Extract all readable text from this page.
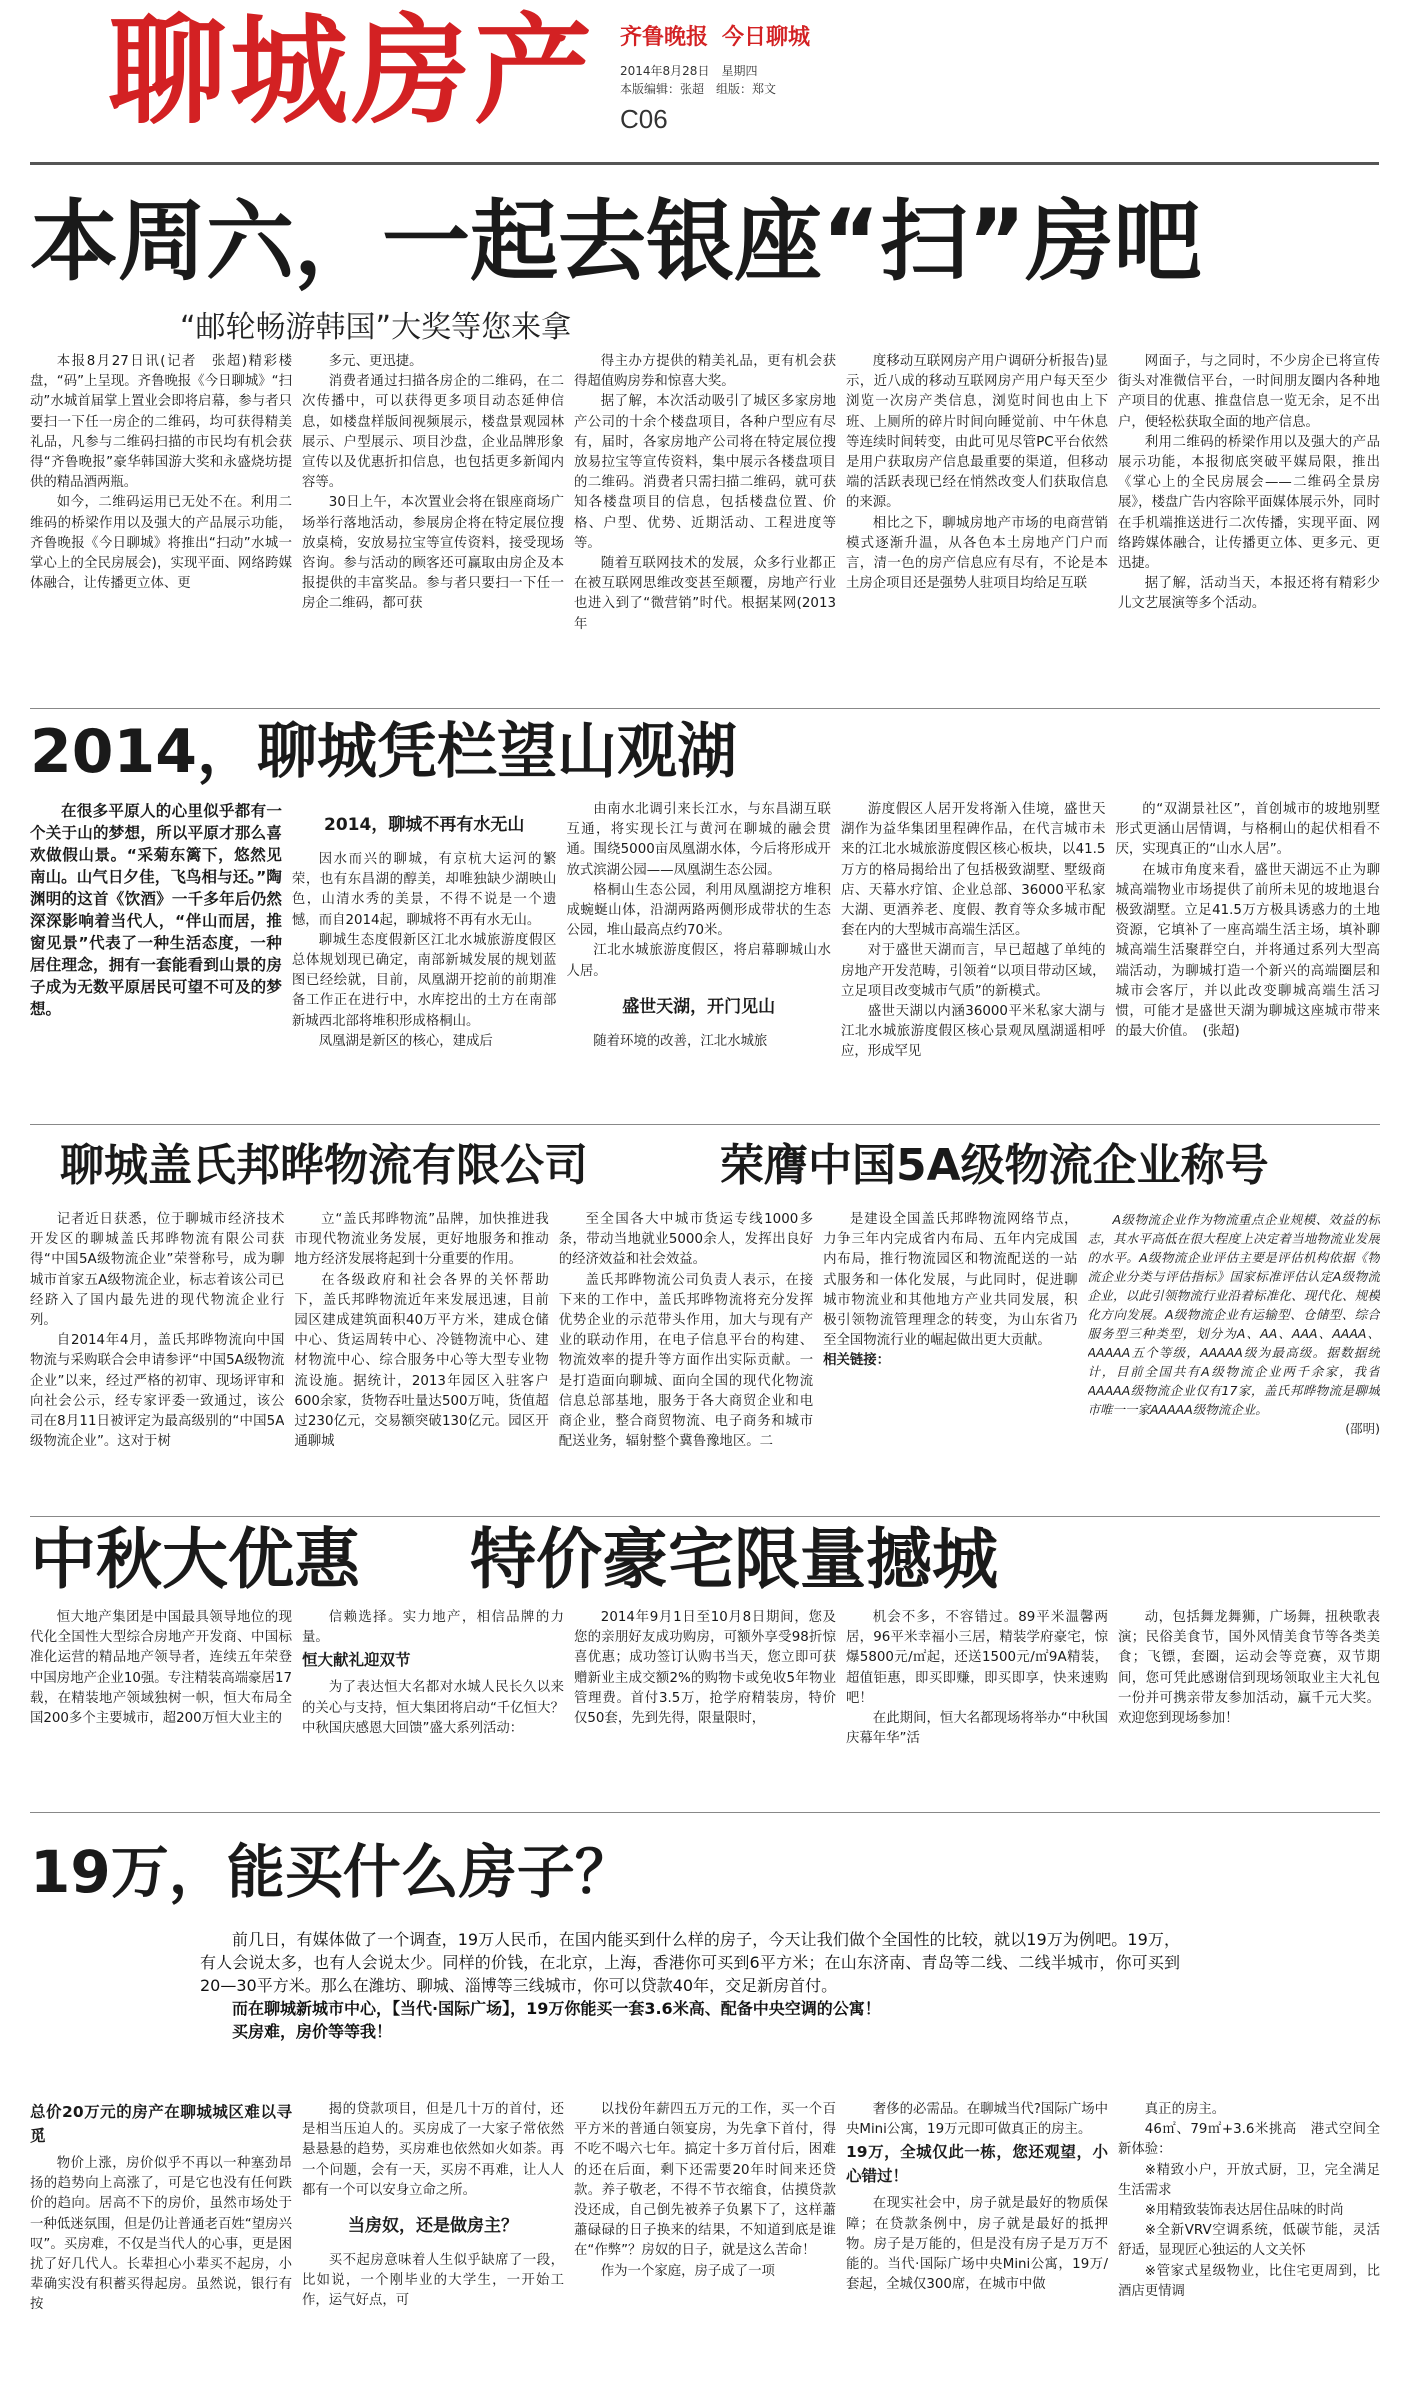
聊城房产 齐鲁晚报 今日聊城
2014年8月28日　星期四
本版编辑：张超　组版：郑文
C06
本周六，一起去银座“扫”房吧
“邮轮畅游韩国”大奖等您来拿

本报8月27日讯(记者　张超)精彩楼盘，“码”上呈现。齐鲁晚报《今日聊城》“扫动”水城首届掌上置业会即将启幕，参与者只要扫一下任一房企的二维码，均可获得精美礼品，凡参与二维码扫描的市民均有机会获得“齐鲁晚报”豪华韩国游大奖和永盛烧坊提供的精品酒两瓶。

如今，二维码运用已无处不在。利用二维码的桥梁作用以及强大的产品展示功能，齐鲁晚报《今日聊城》将推出“扫动”水城一掌心上的全民房展会)，实现平面、网络跨媒体融合，让传播更立体、更

多元、更迅捷。

消费者通过扫描各房企的二维码，在二次传播中，可以获得更多项目动态延伸信息，如楼盘样版间视频展示，楼盘景观园林展示、户型展示、项目沙盘，企业品牌形象宣传以及优惠折扣信息，也包括更多新闻内容等。

30日上午，本次置业会将在银座商场广场举行落地活动，参展房企将在特定展位搜放桌椅，安放易拉宝等宣传资料，接受现场咨询。参与活动的顾客还可赢取由房企及本报提供的丰富奖品。参与者只要扫一下任一房企二维码，都可获

得主办方提供的精美礼品，更有机会获得超值购房券和惊喜大奖。

据了解，本次活动吸引了城区多家房地产公司的十余个楼盘项目，各种户型应有尽有，届时，各家房地产公司将在特定展位搜放易拉宝等宣传资料，集中展示各楼盘项目的二维码。消费者只需扫描二维码，就可获知各楼盘项目的信息，包括楼盘位置、价格、户型、优势、近期活动、工程进度等等。

随着互联网技术的发展，众多行业都正在被互联网思维改变甚至颠覆，房地产行业也进入到了“微营销”时代。根据某网(2013年

度移动互联网房产用户调研分析报告)显示，近八成的移动互联网房产用户每天至少浏览一次房产类信息，浏览时间也由上下班、上厕所的碎片时间向睡觉前、中午休息等连续时间转变，由此可见尽管PC平台依然是用户获取房产信息最重要的渠道，但移动端的活跃表现已经在悄然改变人们获取信息的来源。

相比之下，聊城房地产市场的电商营销模式逐渐升温，从各色本土房地产门户而言，清一色的房产信息应有尽有，不论是本土房企项目还是强势人驻项目均给足互联

网面子，与之同时，不少房企已将宣传街头对准微信平台，一时间朋友圈内各种地产项目的优惠、推盘信息一览无余，足不出户，便轻松获取全面的地产信息。

利用二维码的桥梁作用以及强大的产品展示功能，本报彻底突破平媒局限，推出《掌心上的全民房展会——二维码全景房展》，楼盘广告内容除平面媒体展示外，同时在手机端推送进行二次传播，实现平面、网络跨媒体融合，让传播更立体、更多元、更迅捷。

据了解，活动当天，本报还将有精彩少儿文艺展演等多个活动。

2014，聊城凭栏望山观湖

在很多平原人的心里似乎都有一个关于山的梦想，所以平原才那么喜欢做假山景。“采菊东篱下，悠然见南山。山气日夕佳，飞鸟相与还。”陶渊明的这首《饮酒》一千多年后仍然深深影响着当代人，“伴山而居，推窗见景”代表了一种生活态度，一种居住理念，拥有一套能看到山景的房子成为无数平原居民可望不可及的梦想。

2014，聊城不再有水无山

因水而兴的聊城，有京杭大运河的繁荣，也有东昌湖的醇美，却唯独缺少湖映山色，山清水秀的美景，不得不说是一个遗憾，而自2014起，聊城将不再有水无山。

聊城生态度假新区江北水城旅游度假区总体规划现已确定，南部新城发展的规划蓝图已经绘就，目前，凤凰湖开挖前的前期准备工作正在进行中，水库挖出的土方在南部新城西北部将堆积形成格桐山。

凤凰湖是新区的核心，建成后

由南水北调引来长江水，与东昌湖互联互通，将实现长江与黄河在聊城的融会贯通。围绕5000亩凤凰湖水体，今后将形成开放式滨湖公园——凤凰湖生态公园。

格桐山生态公园，利用凤凰湖挖方堆积成蜿蜒山体，沿湖两路两侧形成带状的生态公园，堆山最高点约70米。

江北水城旅游度假区，将启幕聊城山水人居。

盛世天湖，开门见山

随着环境的改善，江北水城旅

游度假区人居开发将渐入佳境，盛世天湖作为益华集团里程碑作品，在代言城市未来的江北水城旅游度假区核心板块，以41.5万方的格局揭给出了包括极致湖墅、墅级商店、天幕水疗馆、企业总部、36000平私家大湖、更酒养老、度假、教育等众多城市配套在内的大型城市高端生活区。

对于盛世天湖而言，早已超越了单纯的房地产开发范畴，引领着“以项目带动区域，立足项目改变城市气质”的新模式。

盛世天湖以内涵36000平米私家大湖与江北水城旅游度假区核心景观凤凰湖遥相呼应，形成罕见

的“双湖景社区”，首创城市的坡地别墅形式更涵山居情调，与格桐山的起伏相看不厌，实现真正的“山水人居”。

在城市角度来看，盛世天湖远不止为聊城高端物业市场提供了前所未见的坡地退台极致湖墅。立足41.5万方极具诱惑力的土地资源，它填补了一座高端生活主场，填补聊城高端生活聚群空白，并将通过系列大型高端活动，为聊城打造一个新兴的高端圈层和城市会客厅，并以此改变聊城高端生活习惯，可能才是盛世天湖为聊城这座城市带来的最大价值。　(张超)

聊城盖氏邦晔物流有限公司	荣膺中国5A级物流企业称号

记者近日获悉，位于聊城市经济技术开发区的聊城盖氏邦晔物流有限公司获得“中国5A级物流企业”荣誉称号，成为聊城市首家五A级物流企业，标志着该公司已经跻入了国内最先进的现代物流企业行列。

自2014年4月，盖氏邦晔物流向中国物流与采购联合会申请参评“中国5A级物流企业”以来，经过严格的初审、现场评审和向社会公示，经专家评委一致通过，该公司在8月11日被评定为最高级别的“中国5A级物流企业”。这对于树

立“盖氏邦晔物流”品牌，加快推进我市现代物流业务发展，更好地服务和推动地方经济发展将起到十分重要的作用。

在各级政府和社会各界的关怀帮助下，盖氏邦晔物流近年来发展迅速，目前园区建成建筑面积40万平方米，建成仓储中心、货运周转中心、冷链物流中心、建材物流中心、综合服务中心等大型专业物流设施。据统计，2013年园区入驻客户600余家，货物吞吐量达500万吨，货值超过230亿元，交易额突破130亿元。园区开通聊城

至全国各大中城市货运专线1000多条，带动当地就业5000余人，发挥出良好的经济效益和社会效益。

盖氏邦晔物流公司负责人表示，在接下来的工作中，盖氏邦晔物流将充分发挥优势企业的示范带头作用，加大与现有产业的联动作用，在电子信息平台的构建、物流效率的提升等方面作出实际贡献。一是打造面向聊城、面向全国的现代化物流信息总部基地，服务于各大商贸企业和电商企业，整合商贸物流、电子商务和城市配送业务，辐射整个冀鲁豫地区。二

是建设全国盖氏邦晔物流网络节点，力争三年内完成省内布局、五年内完成国内布局，推行物流园区和物流配送的一站式服务和一体化发展，与此同时，促进聊城市物流业和其他地方产业共同发展，积极引领物流管理理念的转变，为山东省乃至全国物流行业的崛起做出更大贡献。

相关链接：

A级物流企业作为物流重点企业规模、效益的标志，其水平高低在很大程度上决定着当地物流业发展的水平。A级物流企业评估主要是评估机构依据《物流企业分类与评估指标》国家标准评估认定A级物流企业，以此引领物流行业沿着标准化、现代化、规模化方向发展。A级物流企业有运输型、仓储型、综合服务型三种类型，划分为A、AA、AAA、AAAA、AAAAA五个等级，AAAAA级为最高级。据数据统计，目前全国共有A级物流企业两千余家，我省AAAAA级物流企业仅有17家，盖氏邦晔物流是聊城市唯一一家AAAAA级物流企业。

(邵明)
中秋大优惠 特价豪宅限量撼城

恒大地产集团是中国最具领导地位的现代化全国性大型综合房地产开发商、中国标准化运营的精品地产领导者，连续五年荣登中国房地产企业10强。专注精装高端豪居17载，在精装地产领域独树一帜，恒大布局全国200多个主要城市，超200万恒大业主的

信赖选择。实力地产，相信品牌的力量。

恒大献礼迎双节

为了表达恒大名都对水城人民长久以来的关心与支持，恒大集团将启动“千亿恒大？中秋国庆感恩大回馈”盛大系列活动：

2014年9月1日至10月8日期间，您及您的亲朋好友成功购房，可额外享受98折惊喜优惠；成功签订认购书当天，您立即可获赠新业主成交额2%的购物卡或免收5年物业管理费。首付3.5万，抢学府精装房，特价仅50套，先到先得，限量限时，

机会不多，不容错过。89平米温馨两居，96平米幸福小三居，精装学府豪宅，惊爆5800元/㎡起，还送1500元/㎡9A精装，超值钜惠，即买即赚，即买即享，快来速购吧！

在此期间，恒大名都现场将举办“中秋国庆幕年华”活

动，包括舞龙舞狮，广场舞，扭秧歌表演；民俗美食节，国外风情美食节等各类美食；飞镖，套圈，运动会等竞赛，双节期间，您可凭此感谢信到现场领取业主大礼包一份并可携亲带友参加活动，赢千元大奖。欢迎您到现场参加！

19万，能买什么房子？

前几日，有媒体做了一个调查，19万人民币，在国内能买到什么样的房子，今天让我们做个全国性的比较，就以19万为例吧。19万，有人会说太多，也有人会说太少。同样的价钱，在北京，上海，香港你可买到6平方米；在山东济南、青岛等二线、二线半城市，你可买到20—30平方米。那么在潍坊、聊城、淄博等三线城市，你可以贷款40年，交足新房首付。

而在聊城新城市中心，【当代·国际广场】，19万你能买一套3.6米高、配备中央空调的公寓！

买房难，房价等等我！

总价20万元的房产在聊城城区难以寻觅

物价上涨，房价似乎不再以一种塞劲昂扬的趋势向上高涨了，可是它也没有任何跌价的趋向。居高不下的房价，虽然市场处于一种低迷氛围，但是仍让普通老百姓“望房兴叹”。买房难，不仅是当代人的心事，更是困扰了好几代人。长辈担心小辈买不起房，小辈确实没有积蓄买得起房。虽然说，银行有按

揭的贷款项目，但是几十万的首付，还是相当压迫人的。买房成了一大家子常依然悬悬悬的趋势，买房难也依然如火如荼。再一个问题，会有一天，买房不再难，让人人都有一个可以安身立命之所。

当房奴，还是做房主？

买不起房意味着人生似乎缺席了一段，比如说，一个刚毕业的大学生，一开始工作，运气好点，可

以找份年薪四五万元的工作，买一个百平方米的普通白领宴房，为先拿下首付，得不吃不喝六七年。搞定十多万首付后，困难的还在后面，剩下还需要20年时间来还贷款。养子敬老，不得不节衣缩食，估摸贷款没还成，自己倒先被养子负累下了，这样蕭蕭碌碌的日子换来的结果，不知道到底是谁在“作弊”？房奴的日子，就是这么苦命！

作为一个家庭，房子成了一项

奢侈的必需品。在聊城当代?国际广场中央Mini公寓，19万元即可做真正的房主。

19万，全城仅此一栋，您还观望，小心错过！

在现实社会中，房子就是最好的物质保障；在贷款条例中，房子就是最好的抵押物。房子是万能的，但是没有房子是万万不能的。当代·国际广场中央Mini公寓，19万/套起，全城仅300席，在城市中做

真正的房主。

46㎡、79㎡+3.6米挑高　港式空间全新体验：

※精致小户，开放式厨，卫，完全满足生活需求

※用精致装饰表达居住品味的时尚

※全新VRV空调系统，低碳节能，灵活舒适，显现匠心独运的人文关怀

※管家式星级物业，比住宅更周到，比酒店更情调
